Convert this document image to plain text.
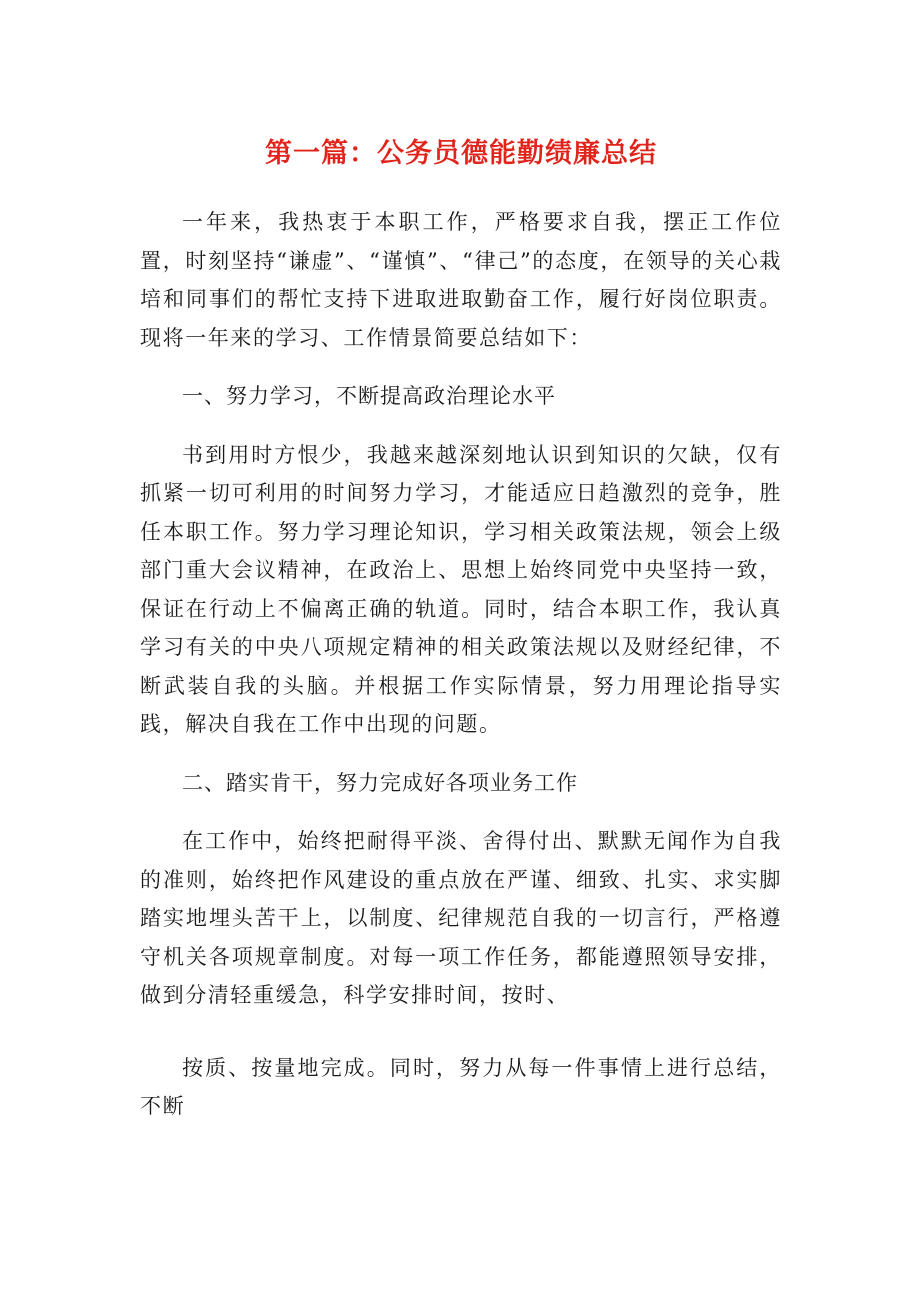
第一篇：公务员德能勤绩廉总结

一年来，我热衷于本职工作，严格要求自我，摆正工作位置，时刻坚持“谦虚”、“谨慎”、“律己”的态度，在领导的关心栽培和同事们的帮忙支持下进取进取勤奋工作，履行好岗位职责。现将一年来的学习、工作情景简要总结如下：

一、努力学习，不断提高政治理论水平

书到用时方恨少，我越来越深刻地认识到知识的欠缺，仅有抓紧一切可利用的时间努力学习，才能适应日趋激烈的竞争，胜任本职工作。努力学习理论知识，学习相关政策法规，领会上级部门重大会议精神，在政治上、思想上始终同党中央坚持一致，保证在行动上不偏离正确的轨道。同时，结合本职工作，我认真学习有关的中央八项规定精神的相关政策法规以及财经纪律，不断武装自我的头脑。并根据工作实际情景，努力用理论指导实践，解决自我在工作中出现的问题。

二、踏实肯干，努力完成好各项业务工作

在工作中，始终把耐得平淡、舍得付出、默默无闻作为自我的准则，始终把作风建设的重点放在严谨、细致、扎实、求实脚踏实地埋头苦干上，以制度、纪律规范自我的一切言行，严格遵守机关各项规章制度。对每一项工作任务，都能遵照领导安排，做到分清轻重缓急，科学安排时间，按时、

按质、按量地完成。同时，努力从每一件事情上进行总结，不断
